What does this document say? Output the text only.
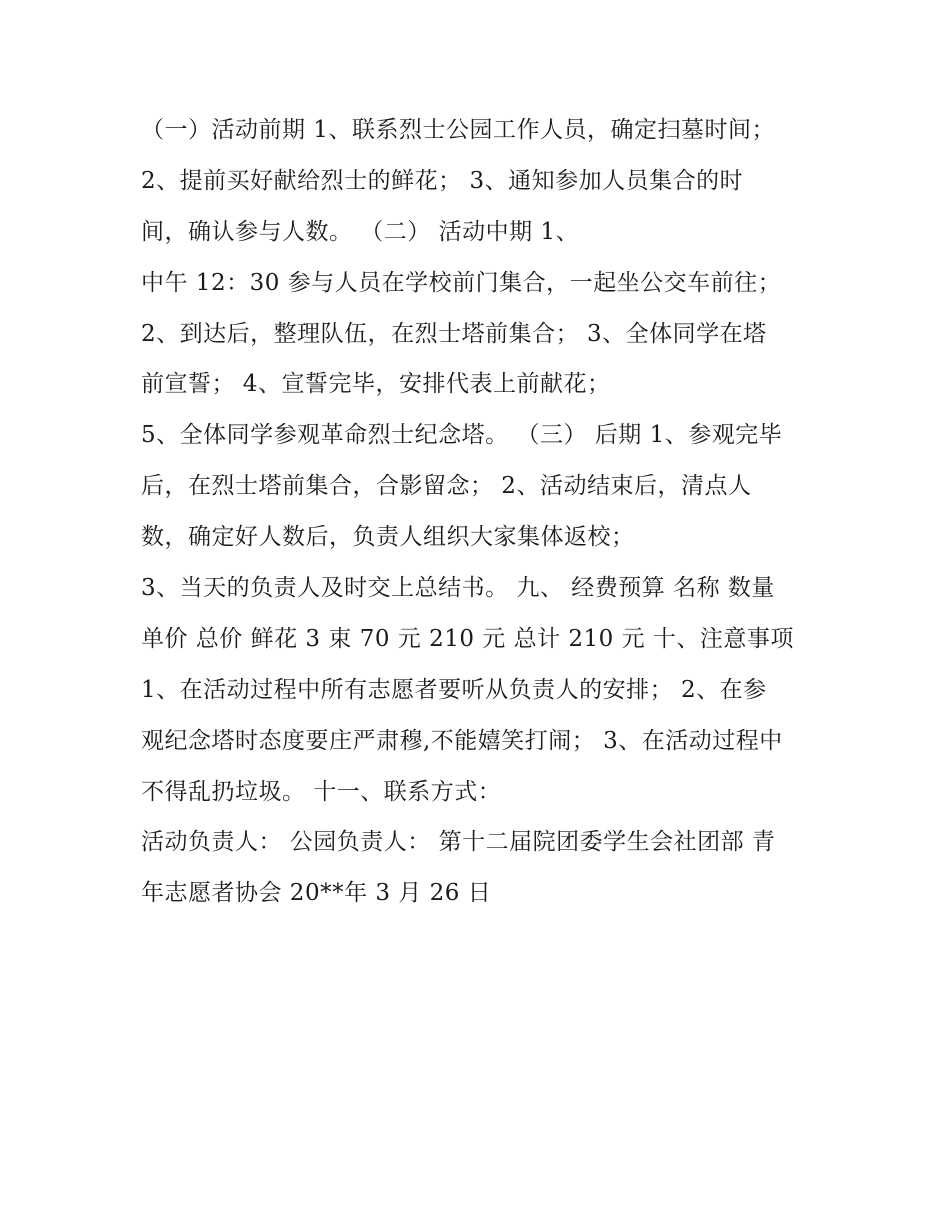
（一）活动前期 1、联系烈士公园工作人员，确定扫墓时间；
2、提前买好献给烈士的鲜花； 3、通知参加人员集合的时
间，确认参与人数。 （二） 活动中期 1、
中午 12：30 参与人员在学校前门集合，一起坐公交车前往；
2、到达后，整理队伍，在烈士塔前集合； 3、全体同学在塔
前宣誓； 4、宣誓完毕，安排代表上前献花；
5、全体同学参观革命烈士纪念塔。 （三） 后期 1、参观完毕
后，在烈士塔前集合，合影留念； 2、活动结束后，清点人
数，确定好人数后，负责人组织大家集体返校；
3、当天的负责人及时交上总结书。 九、 经费预算 名称 数量
单价 总价 鲜花 3 束 70 元 210 元 总计 210 元 十、注意事项
1、在活动过程中所有志愿者要听从负责人的安排； 2、在参
观纪念塔时态度要庄严肃穆,不能嬉笑打闹； 3、在活动过程中
不得乱扔垃圾。 十一、联系方式：
活动负责人： 公园负责人： 第十二届院团委学生会社团部 青
年志愿者协会 20**年 3 月 26 日
